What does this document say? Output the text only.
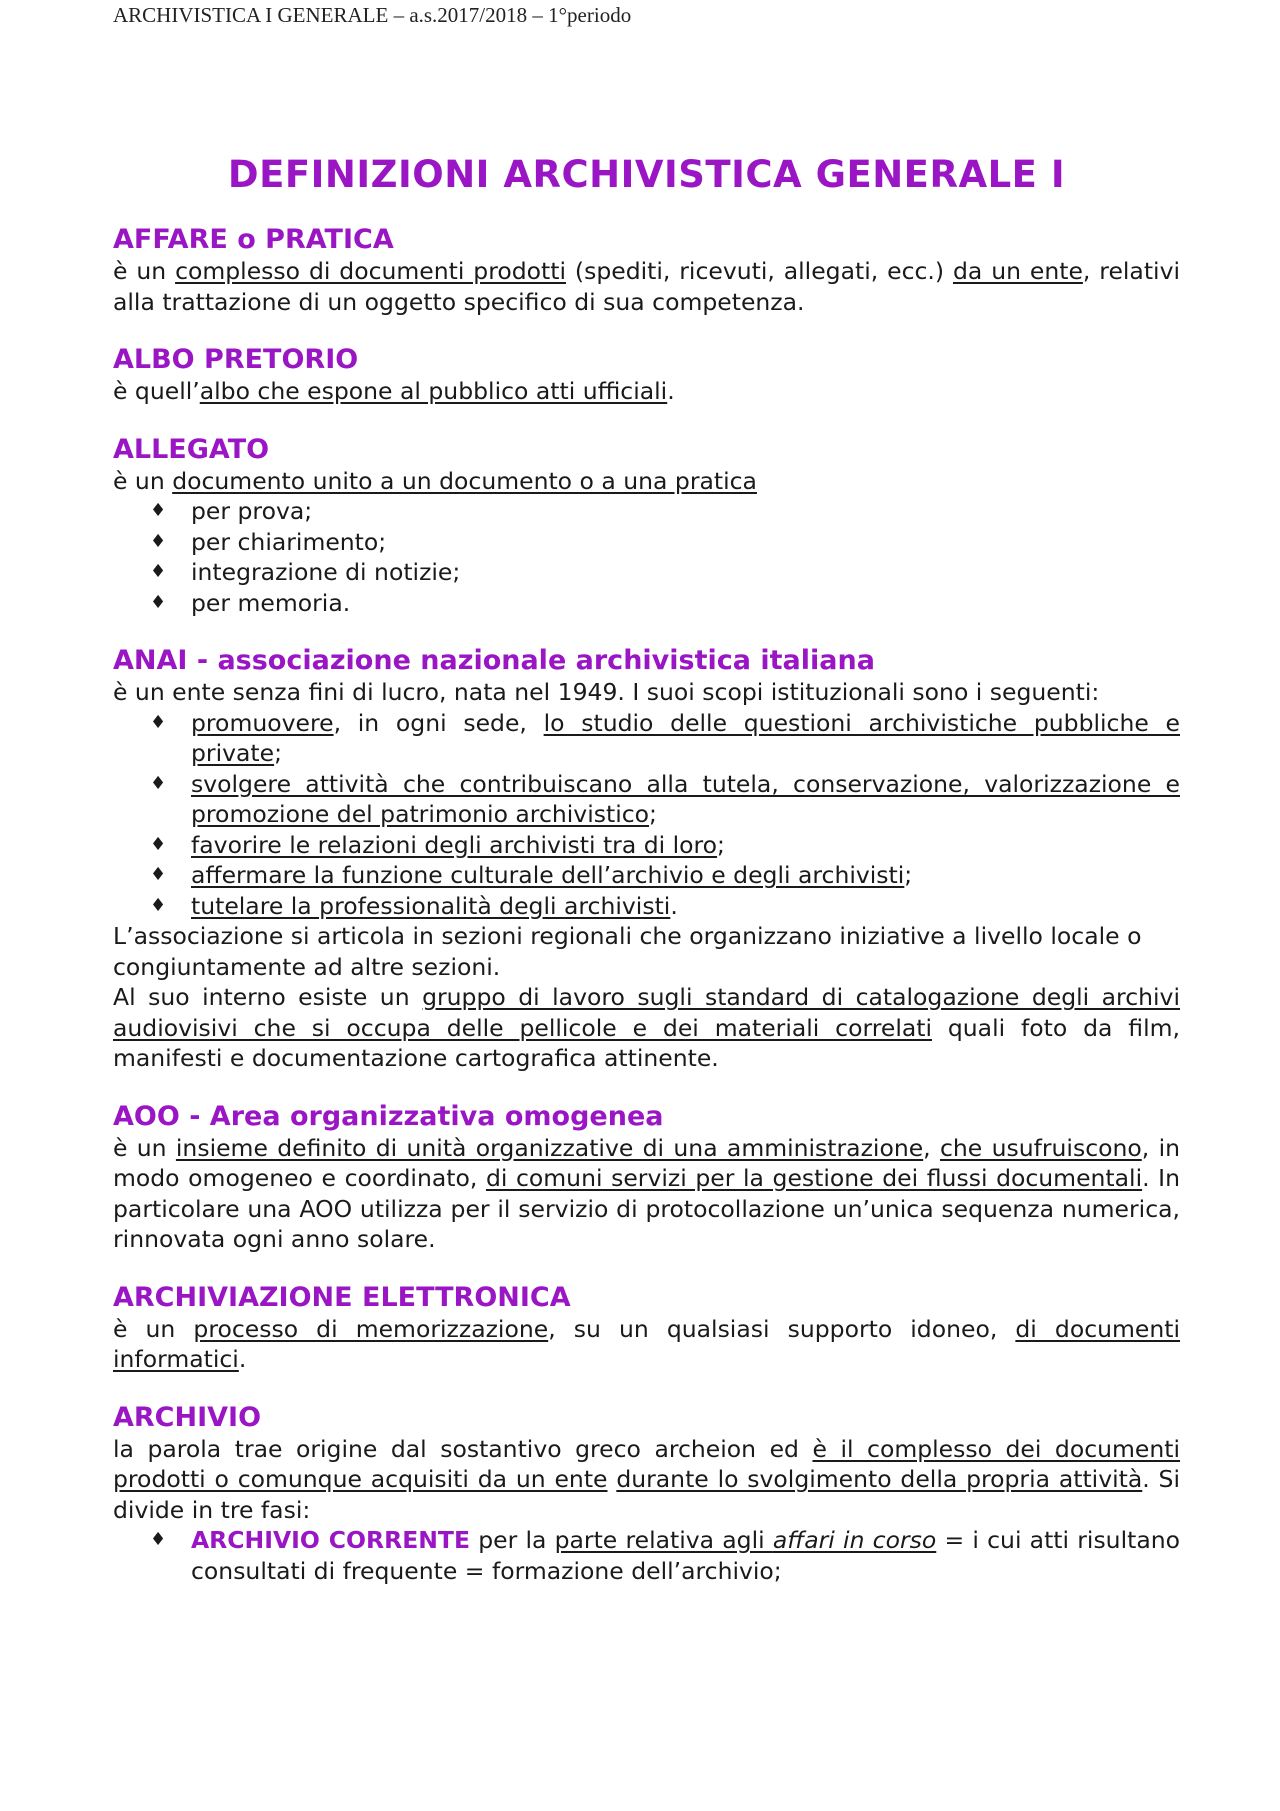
ARCHIVISTICA I GENERALE – a.s.2017/2018 – 1°periodo
DEFINIZIONI ARCHIVISTICA GENERALE I
AFFARE o PRATICA

è un complesso di documenti prodotti (spediti, ricevuti, allegati, ecc.) da un ente, relativi alla trattazione di un oggetto specifico di sua competenza.

ALBO PRETORIO

è quell’albo che espone al pubblico atti ufficiali.

ALLEGATO

è un documento unito a un documento o a una pratica

♦ per prova;
♦ per chiarimento;
♦ integrazione di notizie;
♦ per memoria.
ANAI - associazione nazionale archivistica italiana

è un ente senza fini di lucro, nata nel 1949. I suoi scopi istituzionali sono i seguenti:

♦ promuovere, in ogni sede, lo studio delle questioni archivistiche pubbliche e private;
♦ svolgere attività che contribuiscano alla tutela, conservazione, valorizzazione e promozione del patrimonio archivistico;
♦ favorire le relazioni degli archivisti tra di loro;
♦ affermare la funzione culturale dell’archivio e degli archivisti;
♦ tutelare la professionalità degli archivisti.

L’associazione si articola in sezioni regionali che organizzano iniziative a livello locale o congiuntamente ad altre sezioni.

Al suo interno esiste un gruppo di lavoro sugli standard di catalogazione degli archivi audiovisivi che si occupa delle pellicole e dei materiali correlati quali foto da film, manifesti e documentazione cartografica attinente.

AOO - Area organizzativa omogenea

è un insieme definito di unità organizzative di una amministrazione, che usufruiscono, in modo omogeneo e coordinato, di comuni servizi per la gestione dei flussi documentali. In particolare una AOO utilizza per il servizio di protocollazione un’unica sequenza numerica, rinnovata ogni anno solare.

ARCHIVIAZIONE ELETTRONICA

è un processo di memorizzazione, su un qualsiasi supporto idoneo, di documenti informatici.

ARCHIVIO

la parola trae origine dal sostantivo greco archeion ed è il complesso dei documenti prodotti o comunque acquisiti da un ente durante lo svolgimento della propria attività. Si divide in tre fasi:

♦ ARCHIVIO CORRENTE per la parte relativa agli affari in corso = i cui atti risultano consultati di frequente = formazione dell’archivio;
